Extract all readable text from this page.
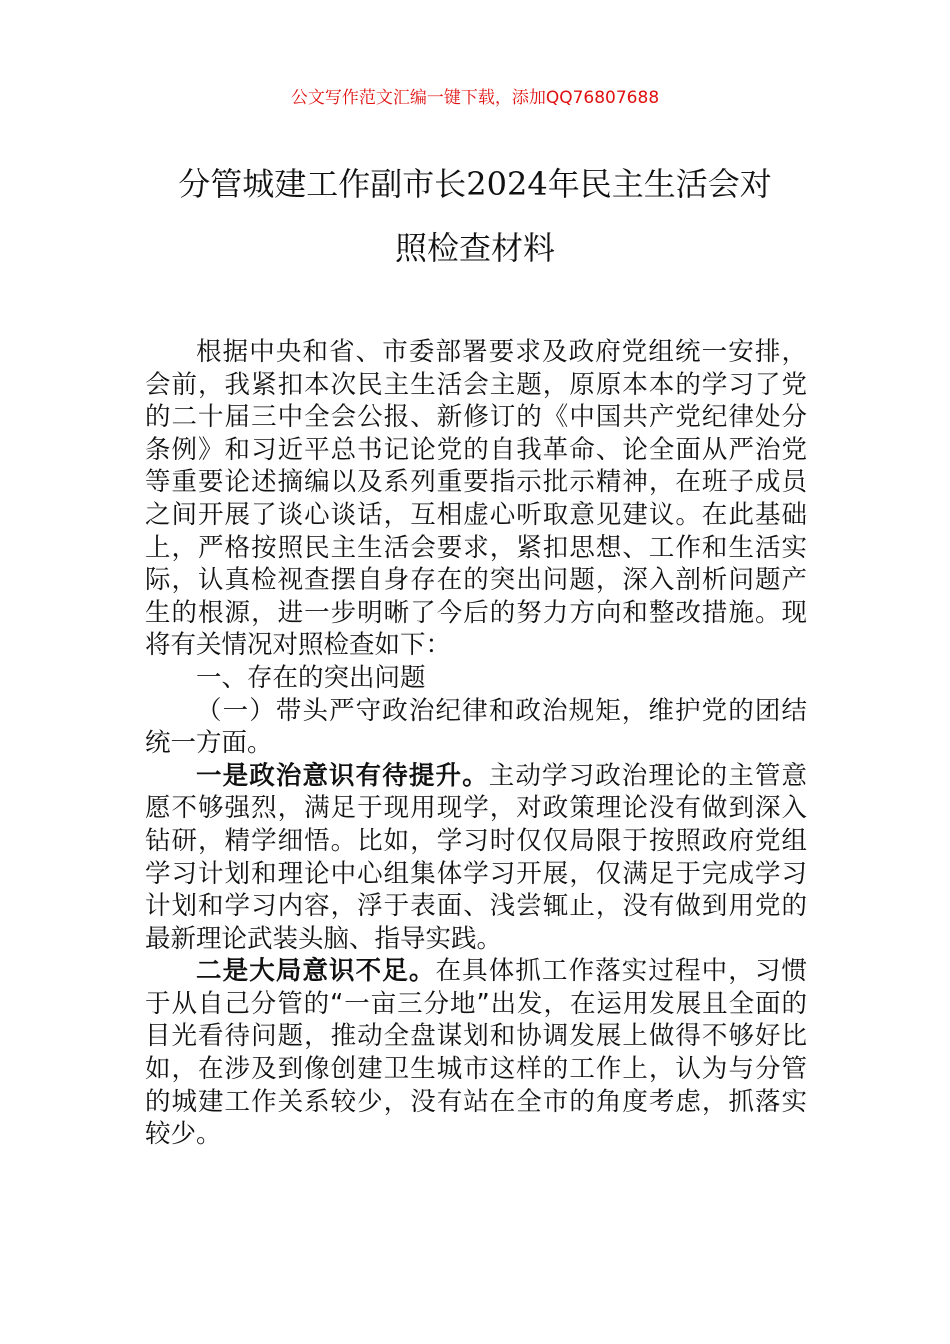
公文写作范文汇编一键下载，添加QQ76807688
分管城建工作副市长2024年民主生活会对
照检查材料

根据中央和省、市委部署要求及政府党组统一安排，会前，我紧扣本次民主生活会主题，原原本本的学习了党的二十届三中全会公报、新修订的《中国共产党纪律处分条例》和习近平总书记论党的自我革命、论全面从严治党等重要论述摘编以及系列重要指示批示精神，在班子成员之间开展了谈心谈话，互相虚心听取意见建议。在此基础上，严格按照民主生活会要求，紧扣思想、工作和生活实际，认真检视查摆自身存在的突出问题，深入剖析问题产生的根源，进一步明晰了今后的努力方向和整改措施。现将有关情况对照检查如下：

一、存在的突出问题

（一）带头严守政治纪律和政治规矩，维护党的团结统一方面。

一是政治意识有待提升。主动学习政治理论的主管意愿不够强烈，满足于现用现学，对政策理论没有做到深入钻研，精学细悟。比如，学习时仅仅局限于按照政府党组学习计划和理论中心组集体学习开展，仅满足于完成学习计划和学习内容，浮于表面、浅尝辄止，没有做到用党的最新理论武装头脑、指导实践。

二是大局意识不足。在具体抓工作落实过程中，习惯于从自己分管的“一亩三分地”出发，在运用发展且全面的目光看待问题，推动全盘谋划和协调发展上做得不够好比如，在涉及到像创建卫生城市这样的工作上，认为与分管的城建工作关系较少，没有站在全市的角度考虑，抓落实较少。
